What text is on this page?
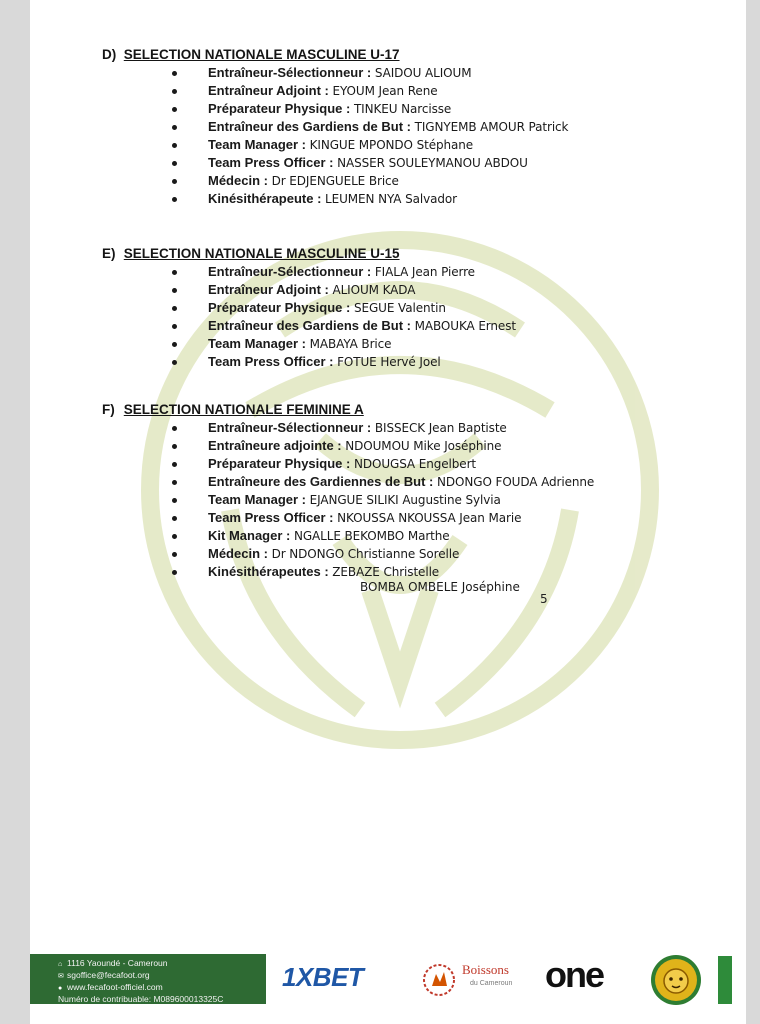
D) SELECTION NATIONALE MASCULINE U-17
Entraîneur-Sélectionneur : SAIDOU ALIOUM
Entraîneur Adjoint : EYOUM Jean Rene
Préparateur Physique : TINKEU Narcisse
Entraîneur des Gardiens de But : TIGNYEMB AMOUR Patrick
Team Manager : KINGUE MPONDO Stéphane
Team Press Officer : NASSER SOULEYMANOU ABDOU
Médecin : Dr EDJENGUELE Brice
Kinésithérapeute : LEUMEN NYA Salvador
E) SELECTION NATIONALE MASCULINE U-15
Entraîneur-Sélectionneur : FIALA Jean Pierre
Entraîneur Adjoint : ALIOUM KADA
Préparateur Physique : SEGUE Valentin
Entraîneur des Gardiens de But : MABOUKA Ernest
Team Manager : MABAYA Brice
Team Press Officer : FOTUE Hervé Joel
F) SELECTION NATIONALE FEMININE A
Entraîneur-Sélectionneur : BISSECK Jean Baptiste
Entraîneure adjointe : NDOUMOU Mike Joséphine
Préparateur Physique : NDOUGSA Engelbert
Entraîneure des Gardiennes de But : NDONGO FOUDA Adrienne
Team Manager : EJANGUE SILIKI Augustine Sylvia
Team Press Officer : NKOUSSA NKOUSSA Jean Marie
Kit Manager : NGALLE BEKOMBO Marthe
Médecin : Dr NDONGO Christianne Sorelle
Kinésithérapeutes : ZEBAZE Christelle
BOMBA OMBELE Joséphine
5
⌂ 1116 Yaoundé - Cameroun
✉ sgoffice@fecafoot.org
● www.fecafoot-officiel.com
Numéro de contribuable: M089600013325C
1XBET	Boissons
du Cameroun one
